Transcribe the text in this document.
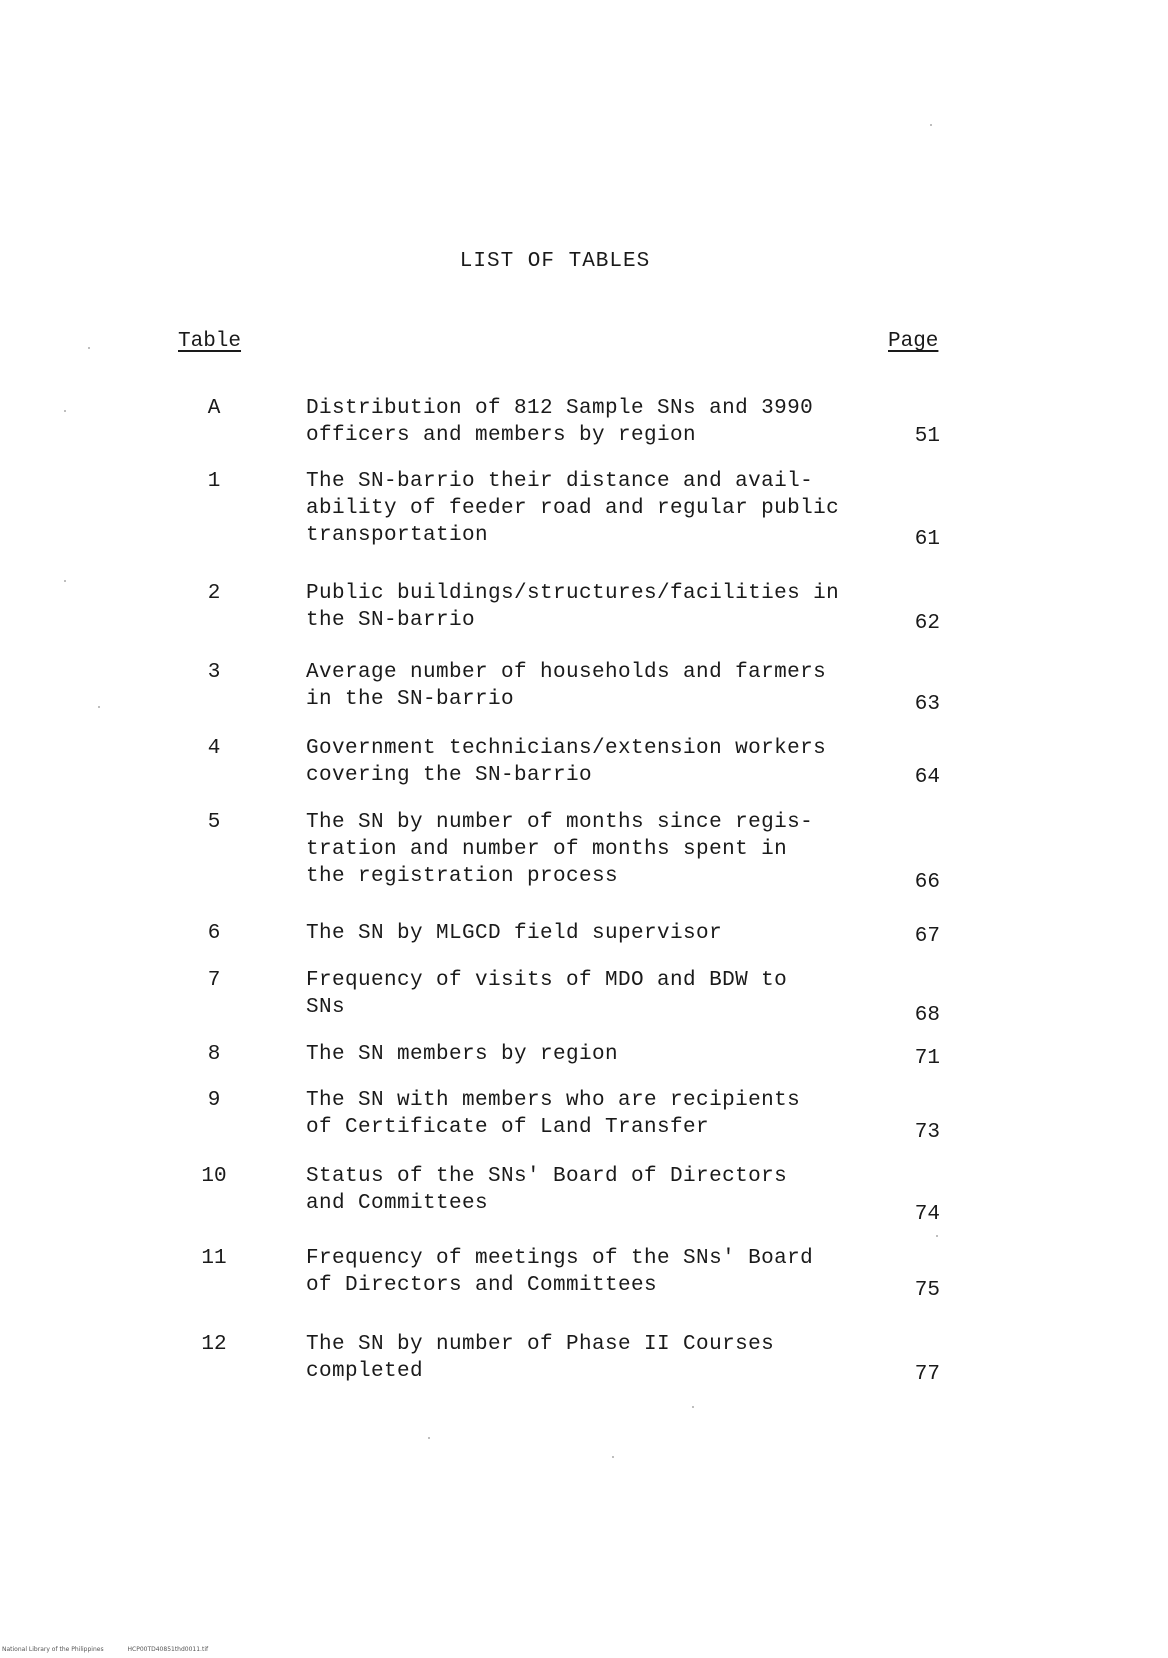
LIST OF TABLES
Table	Page
A	Distribution of 812 Sample SNs and 3990
officers and members by region	51
1	The SN-barrio their distance and avail-
ability of feeder road and regular public
transportation	61
2	Public buildings/structures/facilities in
the SN-barrio	62
3	Average number of households and farmers
in the SN-barrio	63
4	Government technicians/extension workers
covering the SN-barrio	64
5	The SN by number of months since regis-
tration and number of months spent in
the registration process	66
6	The SN by MLGCD field supervisor	67
7	Frequency of visits of MDO and BDW to
SNs	68
8	The SN members by region	71
9	The SN with members who are recipients
of Certificate of Land Transfer	73
10	Status of the SNs' Board of Directors
and Committees	74
11	Frequency of meetings of the SNs' Board
of Directors and Committees	75
12	The SN by number of Phase II Courses
completed	77
National Library of the Philippines	HCP00TD40851thd0011.tif
